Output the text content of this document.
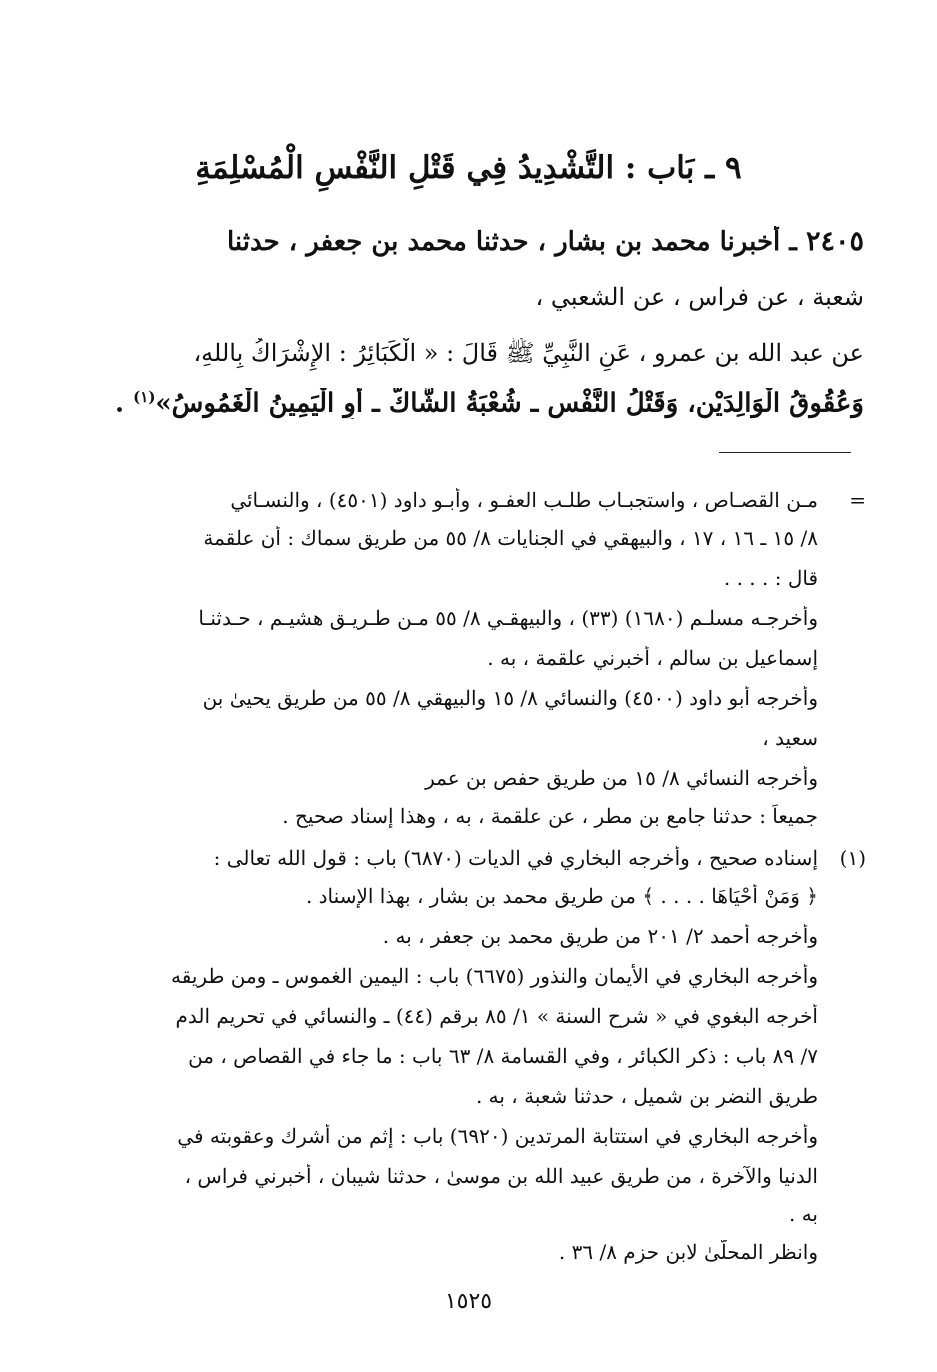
٩ ـ بَاب : التَّشْدِيدُ فِي قَتْلِ النَّفْسِ الْمُسْلِمَةِ
٢٤٠٥ ـ أخبرنا محمد بن بشار ، حدثنا محمد بن جعفر ، حدثنا
شعبة ، عن فراس ، عن الشعبي ،
عن عبد الله بن عمرو ، عَنِ النَّبِيِّ ﷺ قَالَ : « الْكَبَائِرُ : الإِشْرَاكُ بِاللهِ،
وَعُقُوقُ الْوَالِدَيْنِ، وَقَتْلُ النَّفْسِ ـ شُعْبَةُ الشَّاكُّ ـ أَوِ الْيَمِينُ الْغَمُوسُ»$^{(١)}$ .
=
مـن القصـاص ، واستجبـاب طلـب العفـو ، وأبـو داود (٤٥٠١) ، والنسـائي
٨/ ١٥ ـ ١٦ ، ١٧ ، والبيهقي في الجنايات ٨/ ٥٥ من طريق سماك : أن علقمة
قال : . . . .
وأخرجـه مسلـم (١٦٨٠) (٣٣) ، والبيهقـي ٨/ ٥٥ مـن طـريـق هشيـم ، حـدثنـا
إسماعيل بن سالم ، أخبرني علقمة ، به .
وأخرجه أبو داود (٤٥٠٠) والنسائي ٨/ ١٥ والبيهقي ٨/ ٥٥ من طريق يحيىٰ بن
سعيد ،
وأخرجه النسائي ٨/ ١٥ من طريق حفص بن عمر
جميعاً : حدثنا جامع بن مطر ، عن علقمة ، به ، وهذا إسناد صحيح .
(١)
إسناده صحيح ، وأخرجه البخاري في الديات (٦٨٧٠) باب : قول الله تعالى :
﴿ وَمَنْ أَحْيَاهَا . . . . ﴾ من طريق محمد بن بشار ، بهذا الإسناد .
وأخرجه أحمد ٢/ ٢٠١ من طريق محمد بن جعفر ، به .
وأخرجه البخاري في الأيمان والنذور (٦٦٧٥) باب : اليمين الغموس ـ ومن طريقه
أخرجه البغوي في « شرح السنة » ١/ ٨٥ برقم (٤٤) ـ والنسائي في تحريم الدم
٧/ ٨٩ باب : ذكر الكبائر ، وفي القسامة ٨/ ٦٣ باب : ما جاء في القصاص ، من
طريق النضر بن شميل ، حدثنا شعبة ، به .
وأخرجه البخاري في استتابة المرتدين (٦٩٢٠) باب : إثم من أشرك وعقوبته في
الدنيا والآخرة ، من طريق عبيد الله بن موسىٰ ، حدثنا شيبان ، أخبرني فراس ،
به .
وانظر المحلّىٰ لابن حزم ٨/ ٣٦ .
١٥٢٥
